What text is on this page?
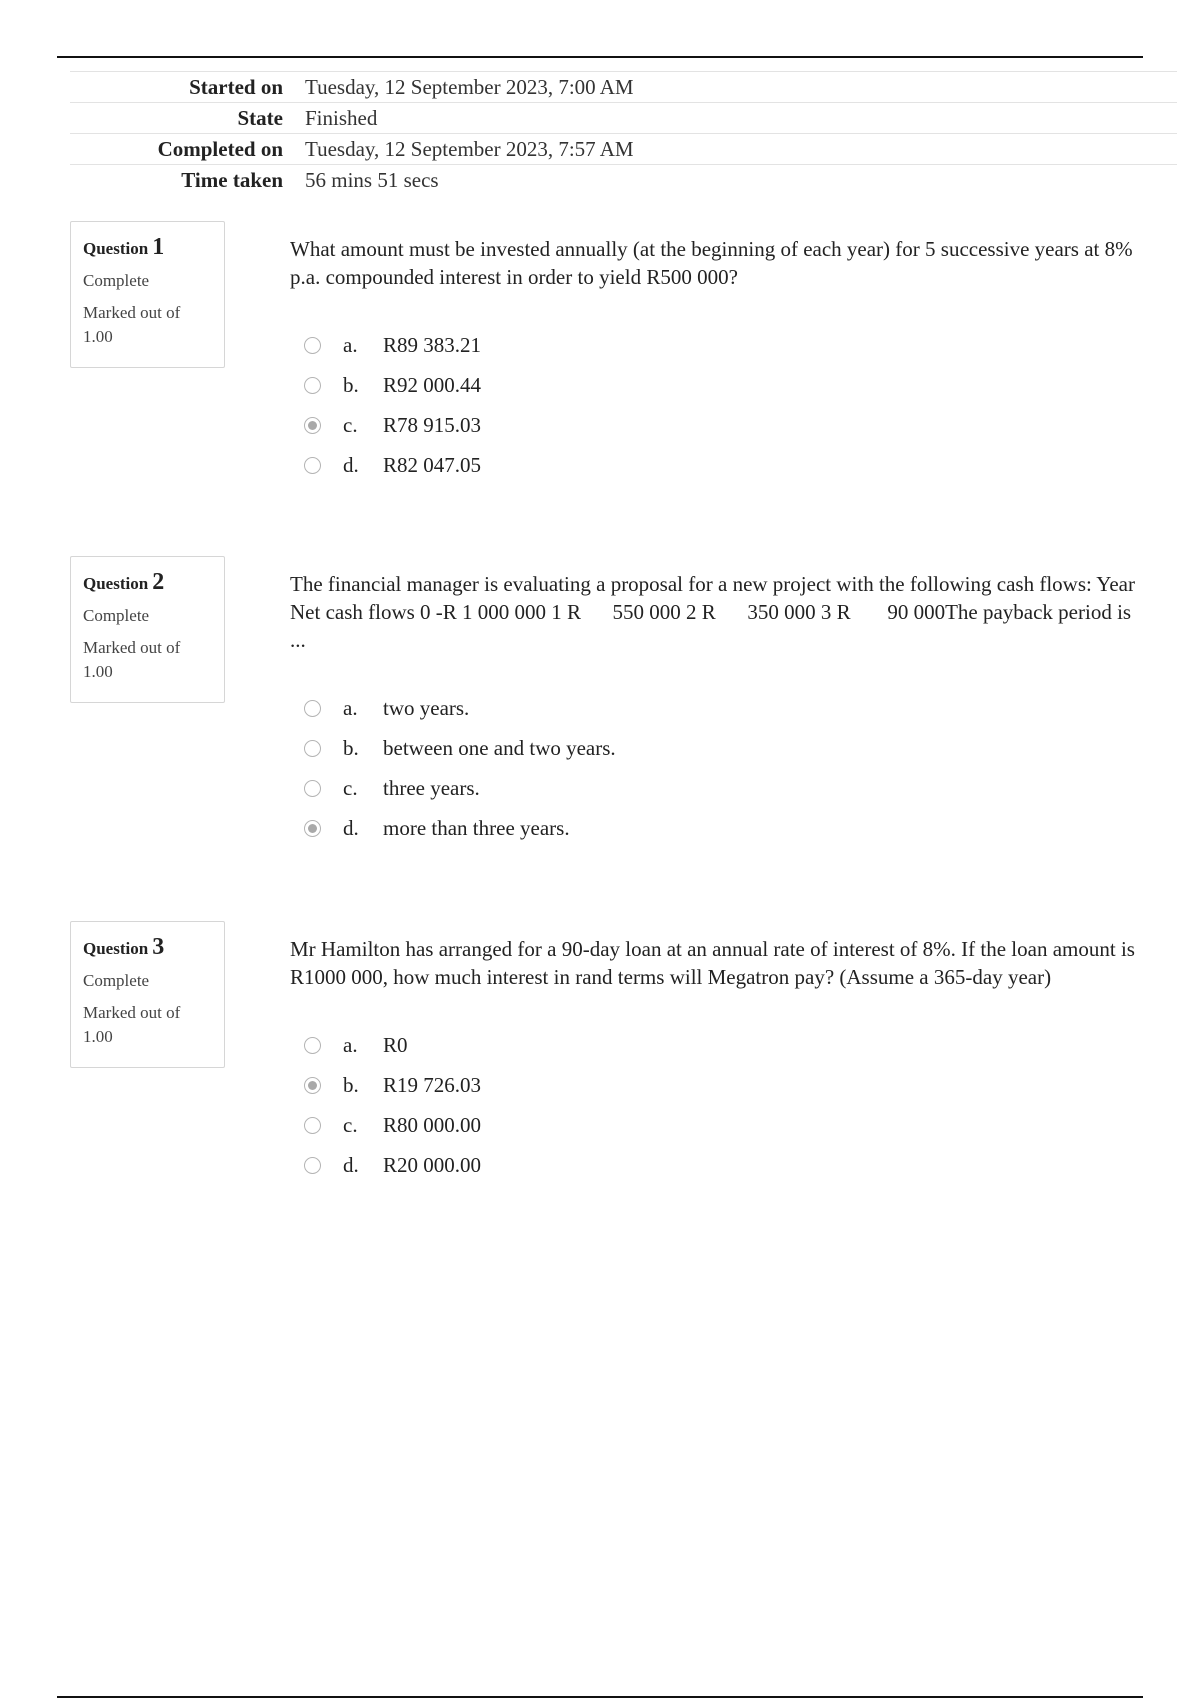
Started on Tuesday, 12 September 2023, 7:00 AM
State Finished
Completed on Tuesday, 12 September 2023, 7:57 AM
Time taken 56 mins 51 secs
Question 1
Complete
Marked out of 1.00
What amount must be invested annually (at the beginning of each year) for 5 successive years at 8% p.a. compounded interest in order to yield R500 000?
a.	R89 383.21
b.	R92 000.44
c.	R78 915.03
d.	R82 047.05
Question 2
Complete
Marked out of 1.00
The financial manager is evaluating a proposal for a new project with the following cash flows: Year Net cash flows 0 -R 1 000 000 1 R      550 000 2 R      350 000 3 R       90 000The payback period is ...
a.	two years.
b.	between one and two years.
c.	three years.
d.	more than three years.
Question 3
Complete
Marked out of 1.00
Mr Hamilton has arranged for a 90-day loan at an annual rate of interest of 8%. If the loan amount is R1000 000, how much interest in rand terms will Megatron pay? (Assume a 365-day year)
a.	R0
b.	R19 726.03
c.	R80 000.00
d.	R20 000.00
